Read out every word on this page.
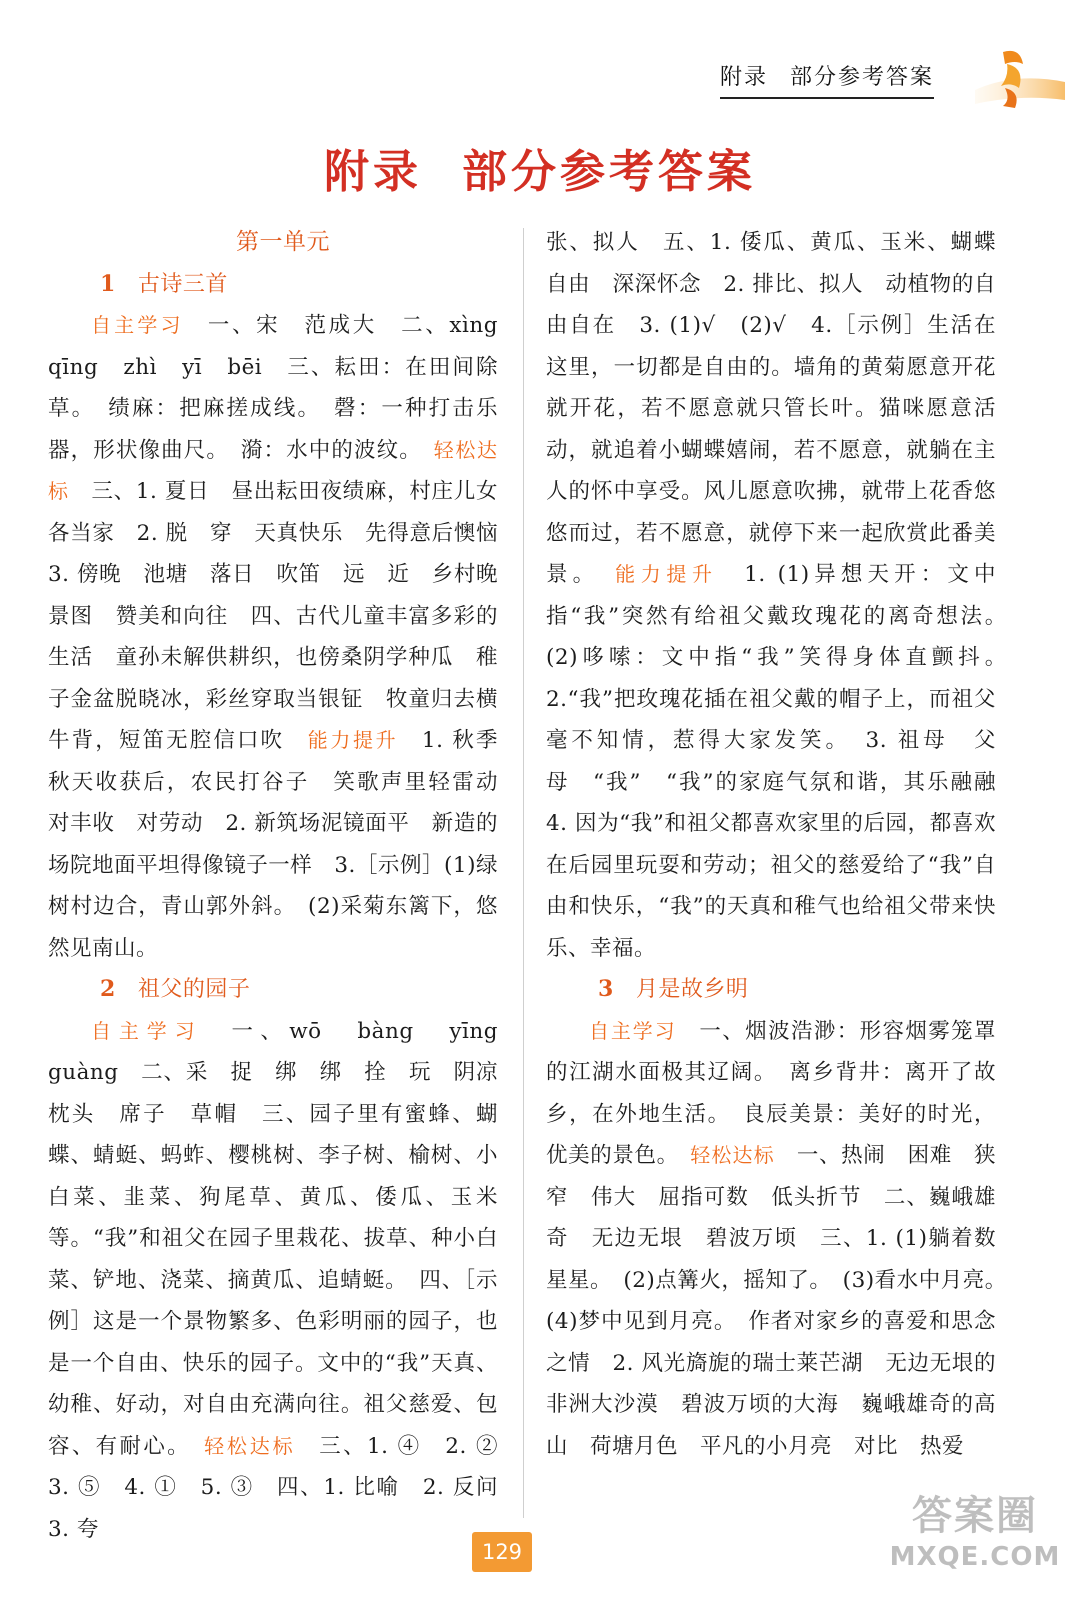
附录 部分参考答案
附录 部分参考答案
第一单元
1 古诗三首

自主学习　 一、宋　范成大　二、xìng qīng　zhì　yī　bēi　三、耘田：在田间除草。　绩麻：把麻搓成线。　磬：一种打击乐器，形状像曲尺。　漪：水中的波纹。　轻松达标　 三、1. 夏日　昼出耘田夜绩麻，村庄儿女各当家　2. 脱　穿　天真快乐　先得意后懊恼　3. 傍晚　池塘　落日　吹笛　远　近　乡村晚景图　赞美和向往　四、古代儿童丰富多彩的生活　童孙未解供耕织，也傍桑阴学种瓜　稚子金盆脱晓冰，彩丝穿取当银钲　牧童归去横牛背，短笛无腔信口吹　能力提升　 1. 秋季　秋天收获后，农民打谷子　笑歌声里轻雷动　对丰收　对劳动　2. 新筑场泥镜面平　新造的场院地面平坦得像镜子一样　3.［示例］(1)绿树村边合，青山郭外斜。　(2)采菊东篱下，悠然见南山。

2 祖父的园子

自主学习　 一、wō　bàng　yīng guàng　二、采　捉　绑　绑　拴　玩　阴凉　枕头　席子　草帽　三、园子里有蜜蜂、蝴蝶、蜻蜓、蚂蚱、樱桃树、李子树、榆树、小白菜、韭菜、狗尾草、黄瓜、倭瓜、玉米等。“我”和祖父在园子里栽花、拔草、种小白菜、铲地、浇菜、摘黄瓜、追蜻蜓。　四、［示例］这是一个景物繁多、色彩明丽的园子，也是一个自由、快乐的园子。文中的“我”天真、幼稚、好动，对自由充满向往。祖父慈爱、包容、有耐心。　轻松达标　 三、1. ④　2. ②　3. ⑤　4. ①　5. ③　四、1. 比喻　2. 反问　3. 夸

张、拟人　五、1. 倭瓜、黄瓜、玉米、蝴蝶　自由　深深怀念　2. 排比、拟人　动植物的自由自在　3. (1)√　(2)√　4.［示例］生活在这里，一切都是自由的。墙角的黄菊愿意开花就开花，若不愿意就只管长叶。猫咪愿意活动，就追着小蝴蝶嬉闹，若不愿意，就躺在主人的怀中享受。风儿愿意吹拂，就带上花香悠悠而过，若不愿意，就停下来一起欣赏此番美景。　能力提升　 1. (1)异想天开：文中指“我”突然有给祖父戴玫瑰花的离奇想法。　(2)哆嗦：文中指“我”笑得身体直颤抖。　2.“我”把玫瑰花插在祖父戴的帽子上，而祖父毫不知情，惹得大家发笑。　3. 祖母　父母　“我”　“我”的家庭气氛和谐，其乐融融　4. 因为“我”和祖父都喜欢家里的后园，都喜欢在后园里玩耍和劳动；祖父的慈爱给了“我”自由和快乐，“我”的天真和稚气也给祖父带来快乐、幸福。

3 月是故乡明

自主学习　 一、烟波浩渺：形容烟雾笼罩的江湖水面极其辽阔。　离乡背井：离开了故乡，在外地生活。　良辰美景：美好的时光，优美的景色。　轻松达标　 一、热闹　困难　狭窄　伟大　屈指可数　低头折节　二、巍峨雄奇　无边无垠　碧波万顷　三、1. (1)躺着数星星。　(2)点篝火，摇知了。　(3)看水中月亮。　(4)梦中见到月亮。　作者对家乡的喜爱和思念之情　2. 风光旖旎的瑞士莱芒湖　无边无垠的非洲大沙漠　碧波万顷的大海　巍峨雄奇的高山　荷塘月色　平凡的小月亮　对比　热爱

129
答案圈
MXQE.COM
